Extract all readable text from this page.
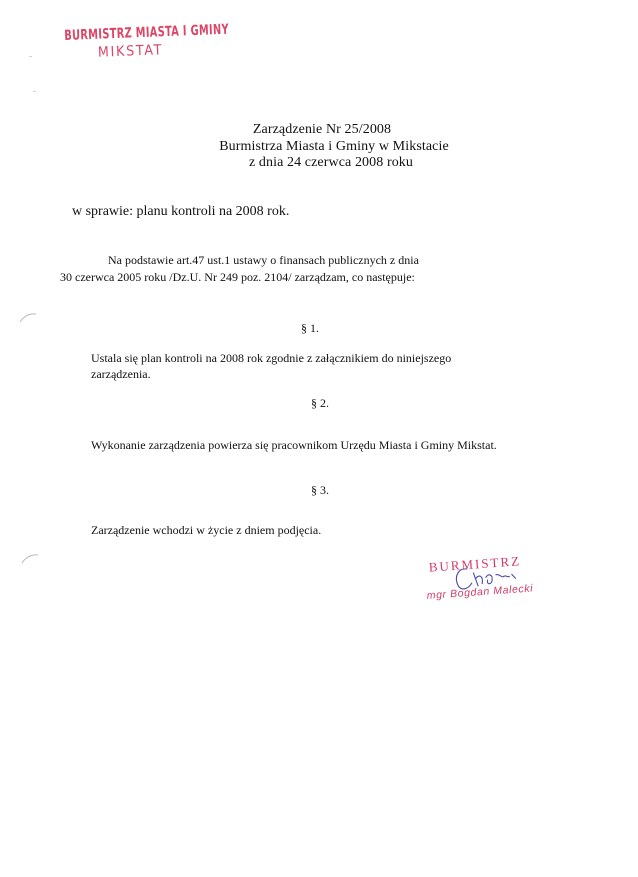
BURMISTRZ MIASTA I GMINY
MIKSTAT
Zarządzenie Nr 25/2008
Burmistrza Miasta i Gminy w Mikstacie
z dnia 24 czerwca 2008 roku
w sprawie: planu kontroli na 2008 rok.
Na podstawie art.47 ust.1 ustawy o finansach publicznych z dnia
30 czerwca 2005 roku /Dz.U. Nr 249 poz. 2104/ zarządzam, co następuje:
§ 1.
Ustala się plan kontroli na 2008 rok zgodnie z załącznikiem do niniejszego
zarządzenia.
§ 2.
Wykonanie zarządzenia powierza się pracownikom Urzędu Miasta i Gminy Mikstat.
§ 3.
Zarządzenie wchodzi w życie z dniem podjęcia.
BURMISTRZ
mgr Bogdan Malecki
